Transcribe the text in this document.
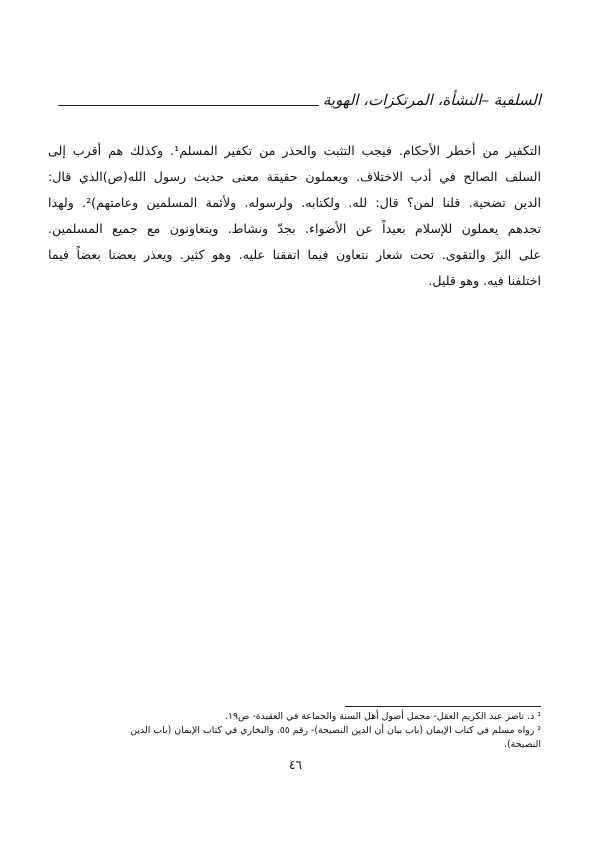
السلفية –النشأة، المرتكزات، الهوية
التكفير من أخطر الأحكام. فيجب التثبت والحذر من تكفير المسلم¹. وكذلك هم أقرب إلى
السلف الصالح في أدب الاختلاف. ويعملون حقيقة معنى حديث رسول الله(ص)الذي قال:
الدين تضحية. قلنا لمن؟ قال: لله. ولكتابه. ولرسوله. ولأئمة المسلمين وعامتهم)². ولهذا
تجدهم يعملون للإسلام بعيداً عن الأضواء. بجدّ ونشاط. ويتعاونون مع جميع المسلمين.
على البرّ والتقوى. تحت شعار نتعاون فيما اتفقنا عليه. وهو كثير. ويعذر بعضنا بعضاً فيما
اختلفنا فيه. وهو قليل.
¹ د. ناصر عبد الكريم العقل- مجمل أصول أهل السنة والجماعة في العقيدة- ص١٩.
² رواه مسلم في كتاب الإيمان (باب بيان أن الدين النصيحة)- رقم ٥٥. والبخاري في كتاب الإيمان (باب الدين
النصيحة).
٤٦
